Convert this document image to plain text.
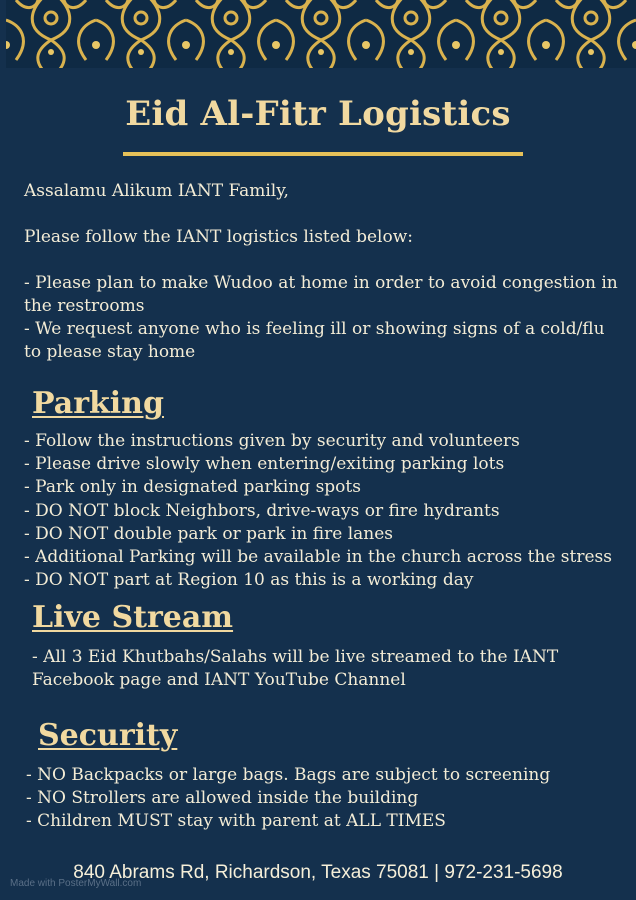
Eid Al-Fitr Logistics
Assalamu Alikum IANT Family,
Please follow the IANT logistics listed below:
- Please plan to make Wudoo at home in order to avoid congestion in the restrooms
- We request anyone who is feeling ill or showing signs of a cold/flu to please stay home
Parking
- Follow the instructions given by security and volunteers
- Please drive slowly when entering/exiting parking lots
- Park only in designated parking spots
- DO NOT block Neighbors, drive-ways or fire hydrants
- DO NOT double park or park in fire lanes
- Additional Parking will be available in the church across the stress
- DO NOT part at Region 10 as this is a working day
Live Stream
- All 3 Eid Khutbahs/Salahs will be live streamed to the IANT
Facebook page and IANT YouTube Channel
Security
- NO Backpacks or large bags. Bags are subject to screening
- NO Strollers are allowed inside the building
- Children MUST stay with parent at ALL TIMES
840 Abrams Rd, Richardson, Texas 75081 | 972-231-5698
Made with PosterMyWall.com
